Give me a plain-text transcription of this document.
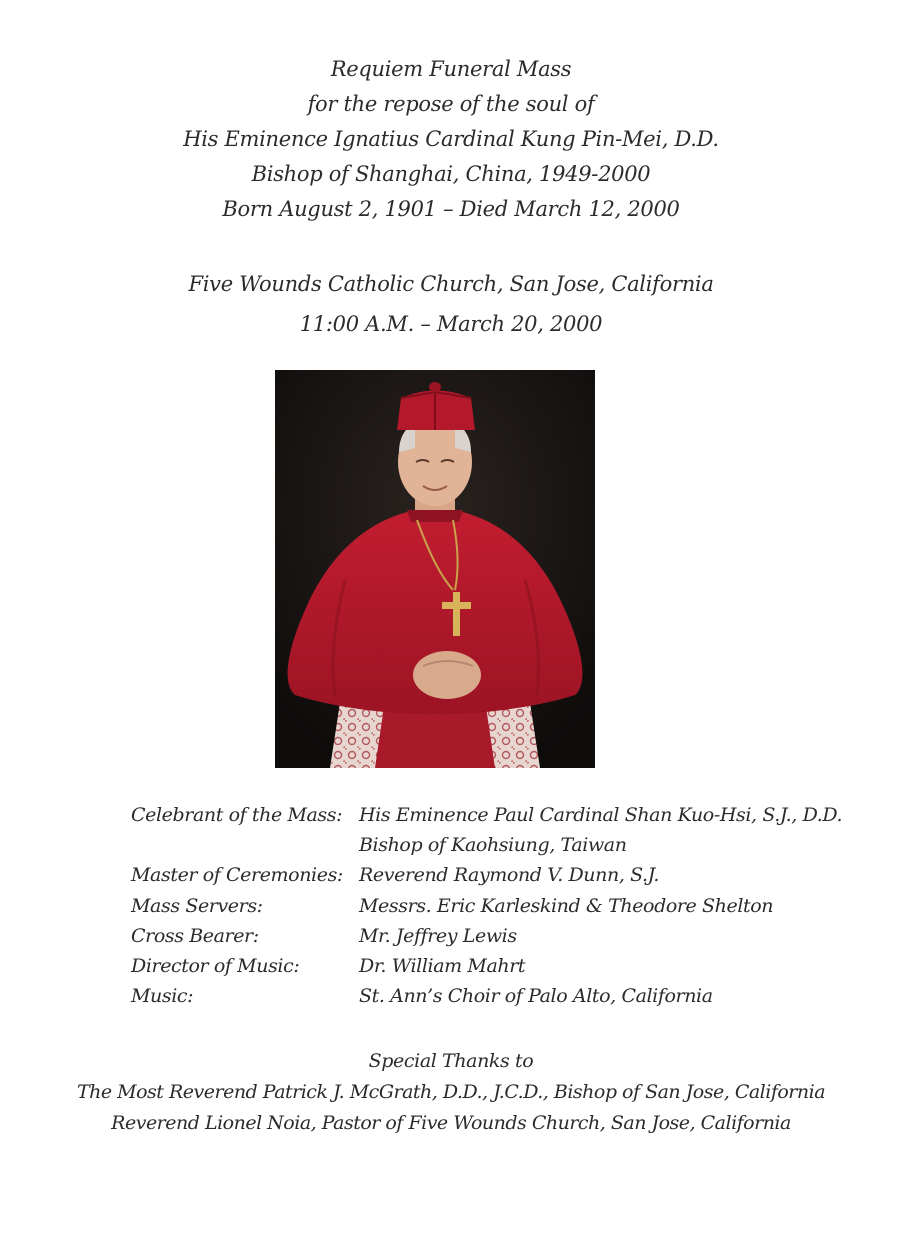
Requiem Funeral Mass
for the repose of the soul of
His Eminence Ignatius Cardinal Kung Pin-Mei, D.D.
Bishop of Shanghai, China, 1949-2000
Born August 2, 1901 – Died March 12, 2000
Five Wounds Catholic Church, San Jose, California
11:00 A.M. – March 20, 2000
Celebrant of the Mass: His Eminence Paul Cardinal Shan Kuo-Hsi, S.J., D.D.
Bishop of Kaohsiung, Taiwan
Master of Ceremonies: Reverend Raymond V. Dunn, S.J.
Mass Servers:	Messrs. Eric Karleskind & Theodore Shelton
Cross Bearer:	Mr. Jeffrey Lewis
Director of Music:	Dr. William Mahrt
Music:	St. Ann’s Choir of Palo Alto, California
Special Thanks to
The Most Reverend Patrick J. McGrath, D.D., J.C.D., Bishop of San Jose, California
Reverend Lionel Noia, Pastor of Five Wounds Church, San Jose, California
